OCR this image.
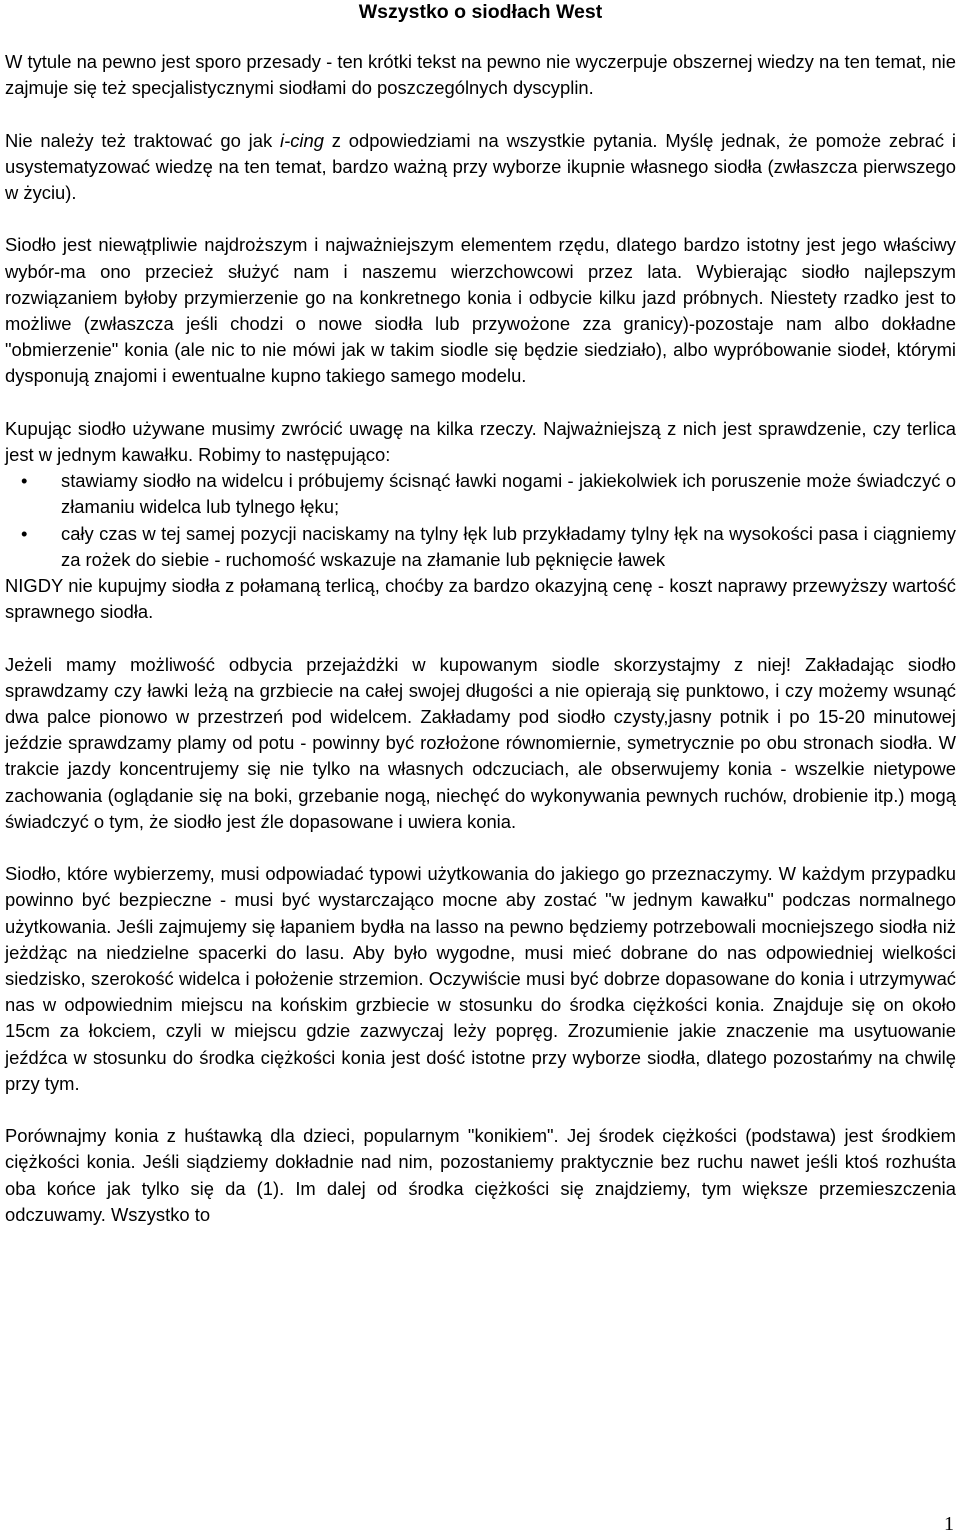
Wszystko o siodłach West

W tytule na pewno jest sporo przesady - ten krótki tekst na pewno nie wyczerpuje obszernej wiedzy na ten temat, nie zajmuje się też specjalistycznymi siodłami do poszczególnych dyscyplin.

Nie należy też traktować go jak i-cing z odpowiedziami na wszystkie pytania. Myślę jednak, że pomoże zebrać i usystematyzować wiedzę na ten temat, bardzo ważną przy wyborze ikupnie własnego siodła (zwłaszcza pierwszego w życiu).

Siodło jest niewątpliwie najdroższym i najważniejszym elementem rzędu, dlatego bardzo istotny jest jego właściwy wybór-ma ono przecież służyć nam i naszemu wierzchowcowi przez lata. Wybierając siodło najlepszym rozwiązaniem byłoby przymierzenie go na konkretnego konia i odbycie kilku jazd próbnych. Niestety rzadko jest to możliwe (zwłaszcza jeśli chodzi o nowe siodła lub przywożone zza granicy)-pozostaje nam albo dokładne "obmierzenie" konia (ale nic to nie mówi jak w takim siodle się będzie siedziało), albo wypróbowanie siodeł, którymi dysponują znajomi i ewentualne kupno takiego samego modelu.

Kupując siodło używane musimy zwrócić uwagę na kilka rzeczy. Najważniejszą z nich jest sprawdzenie, czy terlica jest w jednym kawałku. Robimy to następująco:

• stawiamy siodło na widelcu i próbujemy ścisnąć ławki nogami - jakiekolwiek ich poruszenie może świadczyć o złamaniu widelca lub tylnego łęku;
• cały czas w tej samej pozycji naciskamy na tylny łęk lub przykładamy tylny łęk na wysokości pasa i ciągniemy za rożek do siebie - ruchomość wskazuje na złamanie lub pęknięcie ławek

NIGDY nie kupujmy siodła z połamaną terlicą, choćby za bardzo okazyjną cenę - koszt naprawy przewyższy wartość sprawnego siodła.

Jeżeli mamy możliwość odbycia przejażdżki w kupowanym siodle skorzystajmy z niej! Zakładając siodło sprawdzamy czy ławki leżą na grzbiecie na całej swojej długości a nie opierają się punktowo, i czy możemy wsunąć dwa palce pionowo w przestrzeń pod widelcem. Zakładamy pod siodło czysty,jasny potnik i po 15-20 minutowej jeździe sprawdzamy plamy od potu - powinny być rozłożone równomiernie, symetrycznie po obu stronach siodła. W trakcie jazdy koncentrujemy się nie tylko na własnych odczuciach, ale obserwujemy konia - wszelkie nietypowe zachowania (oglądanie się na boki, grzebanie nogą, niechęć do wykonywania pewnych ruchów, drobienie itp.) mogą świadczyć o tym, że siodło jest źle dopasowane i uwiera konia.

Siodło, które wybierzemy, musi odpowiadać typowi użytkowania do jakiego go przeznaczymy. W każdym przypadku powinno być bezpieczne - musi być wystarczająco mocne aby zostać "w jednym kawałku" podczas normalnego użytkowania. Jeśli zajmujemy się łapaniem bydła na lasso na pewno będziemy potrzebowali mocniejszego siodła niż jeżdżąc na niedzielne spacerki do lasu. Aby było wygodne, musi mieć dobrane do nas odpowiedniej wielkości siedzisko, szerokość widelca i położenie strzemion. Oczywiście musi być dobrze dopasowane do konia i utrzymywać nas w odpowiednim miejscu na końskim grzbiecie w stosunku do środka ciężkości konia. Znajduje się on około 15cm za łokciem, czyli w miejscu gdzie zazwyczaj leży popręg. Zrozumienie jakie znaczenie ma usytuowanie jeźdźca w stosunku do środka ciężkości konia jest dość istotne przy wyborze siodła, dlatego pozostańmy na chwilę przy tym.

Porównajmy konia z huśtawką dla dzieci, popularnym "konikiem". Jej środek ciężkości (podstawa) jest środkiem ciężkości konia. Jeśli siądziemy dokładnie nad nim, pozostaniemy praktycznie bez ruchu nawet jeśli ktoś rozhuśta oba końce jak tylko się da (1). Im dalej od środka ciężkości się znajdziemy, tym większe przemieszczenia odczuwamy. Wszystko to

1
